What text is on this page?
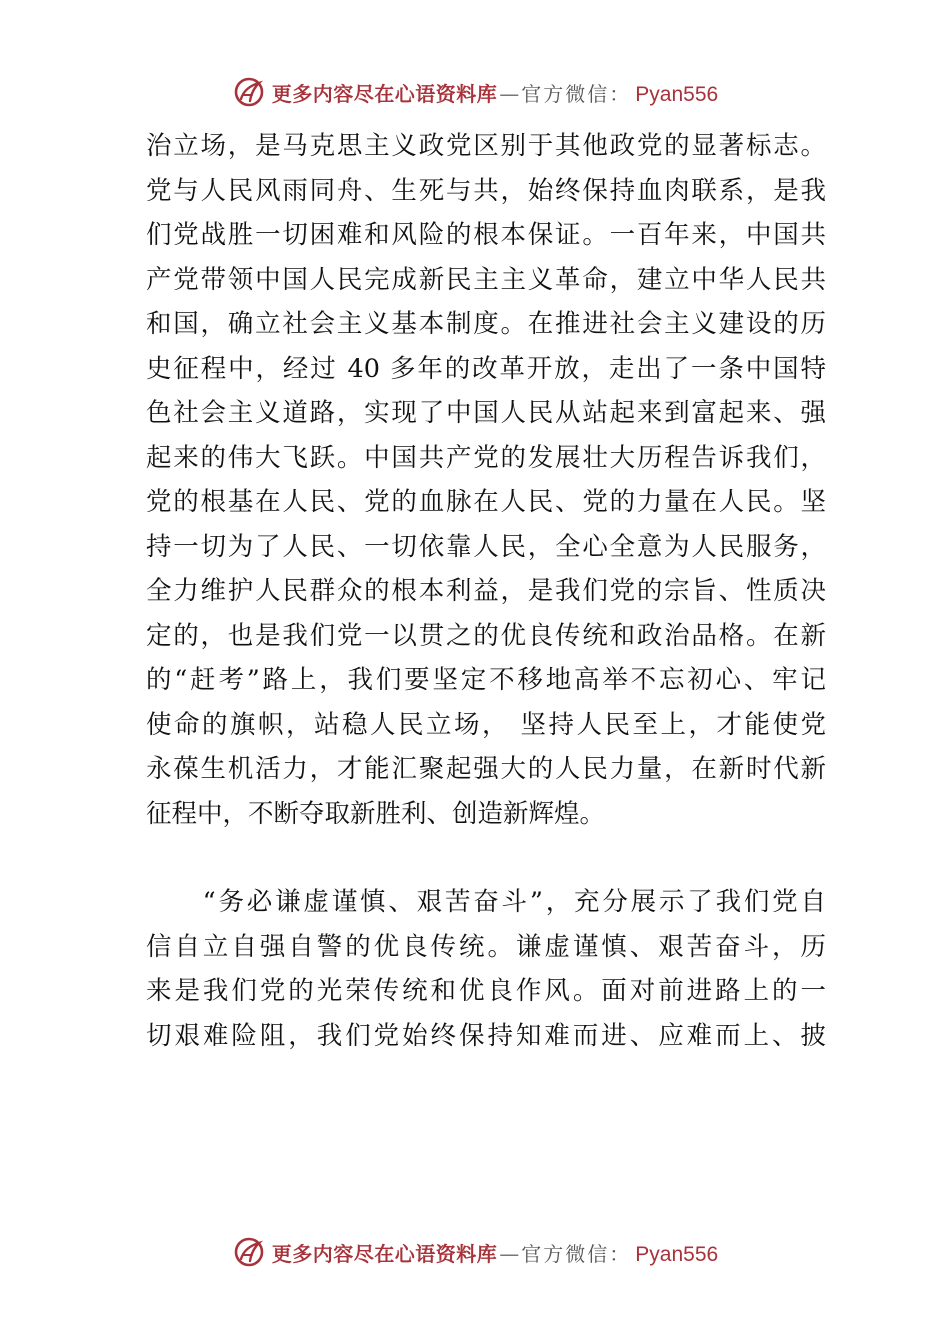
更多内容尽在心语资料库 — 官方微信： Pyan556
治立场，是马克思主义政党区别于其他政党的显著标志。
党与人民风雨同舟、生死与共，始终保持血肉联系，是我
们党战胜一切困难和风险的根本保证。一百年来，中国共
产党带领中国人民完成新民主主义革命，建立中华人民共
和国，确立社会主义基本制度。在推进社会主义建设的历
史征程中，经过 40 多年的改革开放，走出了一条中国特
色社会主义道路，实现了中国人民从站起来到富起来、强
起来的伟大飞跃。中国共产党的发展壮大历程告诉我们，
党的根基在人民、党的血脉在人民、党的力量在人民。坚
持一切为了人民、一切依靠人民，全心全意为人民服务，
全力维护人民群众的根本利益，是我们党的宗旨、性质决
定的，也是我们党一以贯之的优良传统和政治品格。在新
的“赶考”路上，我们要坚定不移地高举不忘初心、牢记
使命的旗帜，站稳人民立场， 坚持人民至上，才能使党
永葆生机活力，才能汇聚起强大的人民力量，在新时代新
征程中，不断夺取新胜利、创造新辉煌。
　　“务必谦虚谨慎、艰苦奋斗”，充分展示了我们党自
信自立自强自警的优良传统。谦虚谨慎、艰苦奋斗，历
来是我们党的光荣传统和优良作风。面对前进路上的一
切艰难险阻，我们党始终保持知难而进、应难而上、披
更多内容尽在心语资料库 — 官方微信： Pyan556
